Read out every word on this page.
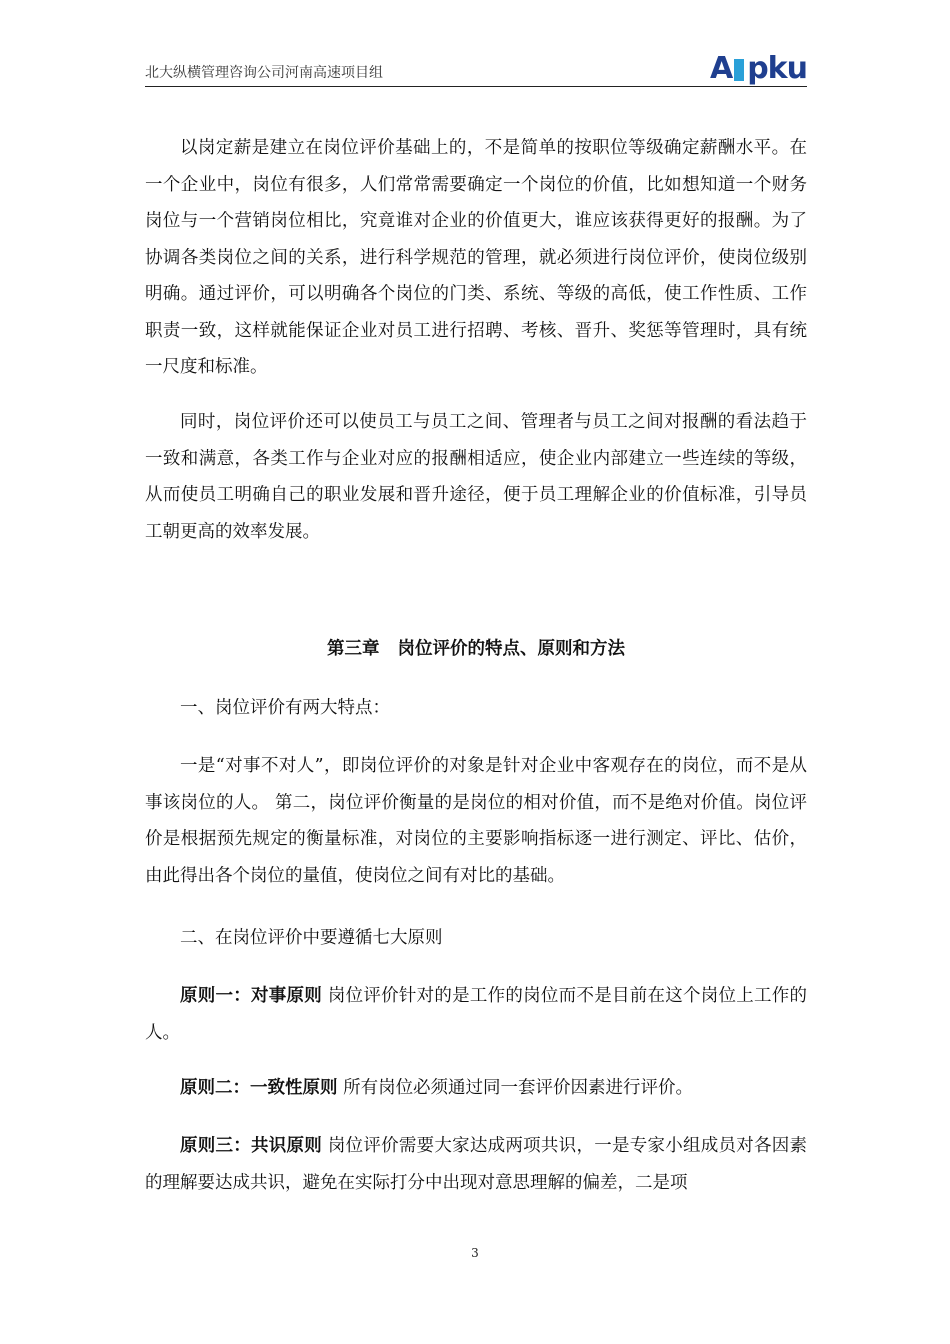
北大纵横管理咨询公司河南高速项目组	A pku

以岗定薪是建立在岗位评价基础上的，不是简单的按职位等级确定薪酬水平。在一个企业中，岗位有很多，人们常常需要确定一个岗位的价值，比如想知道一个财务岗位与一个营销岗位相比，究竟谁对企业的价值更大，谁应该获得更好的报酬。为了协调各类岗位之间的关系，进行科学规范的管理，就必须进行岗位评价，使岗位级别明确。通过评价，可以明确各个岗位的门类、系统、等级的高低，使工作性质、工作职责一致，这样就能保证企业对员工进行招聘、考核、晋升、奖惩等管理时，具有统一尺度和标准。

同时，岗位评价还可以使员工与员工之间、管理者与员工之间对报酬的看法趋于一致和满意，各类工作与企业对应的报酬相适应，使企业内部建立一些连续的等级，从而使员工明确自己的职业发展和晋升途径，便于员工理解企业的价值标准，引导员工朝更高的效率发展。

第三章 岗位评价的特点、原则和方法

一、岗位评价有两大特点：

一是“对事不对人”，即岗位评价的对象是针对企业中客观存在的岗位，而不是从事该岗位的人。 第二，岗位评价衡量的是岗位的相对价值，而不是绝对价值。岗位评价是根据预先规定的衡量标准，对岗位的主要影响指标逐一进行测定、评比、估价，由此得出各个岗位的量值，使岗位之间有对比的基础。

二、在岗位评价中要遵循七大原则

原则一：对事原则 岗位评价针对的是工作的岗位而不是目前在这个岗位上工作的人。

原则二：一致性原则 所有岗位必须通过同一套评价因素进行评价。

原则三：共识原则 岗位评价需要大家达成两项共识，一是专家小组成员对各因素的理解要达成共识，避免在实际打分中出现对意思理解的偏差，二是项

3
